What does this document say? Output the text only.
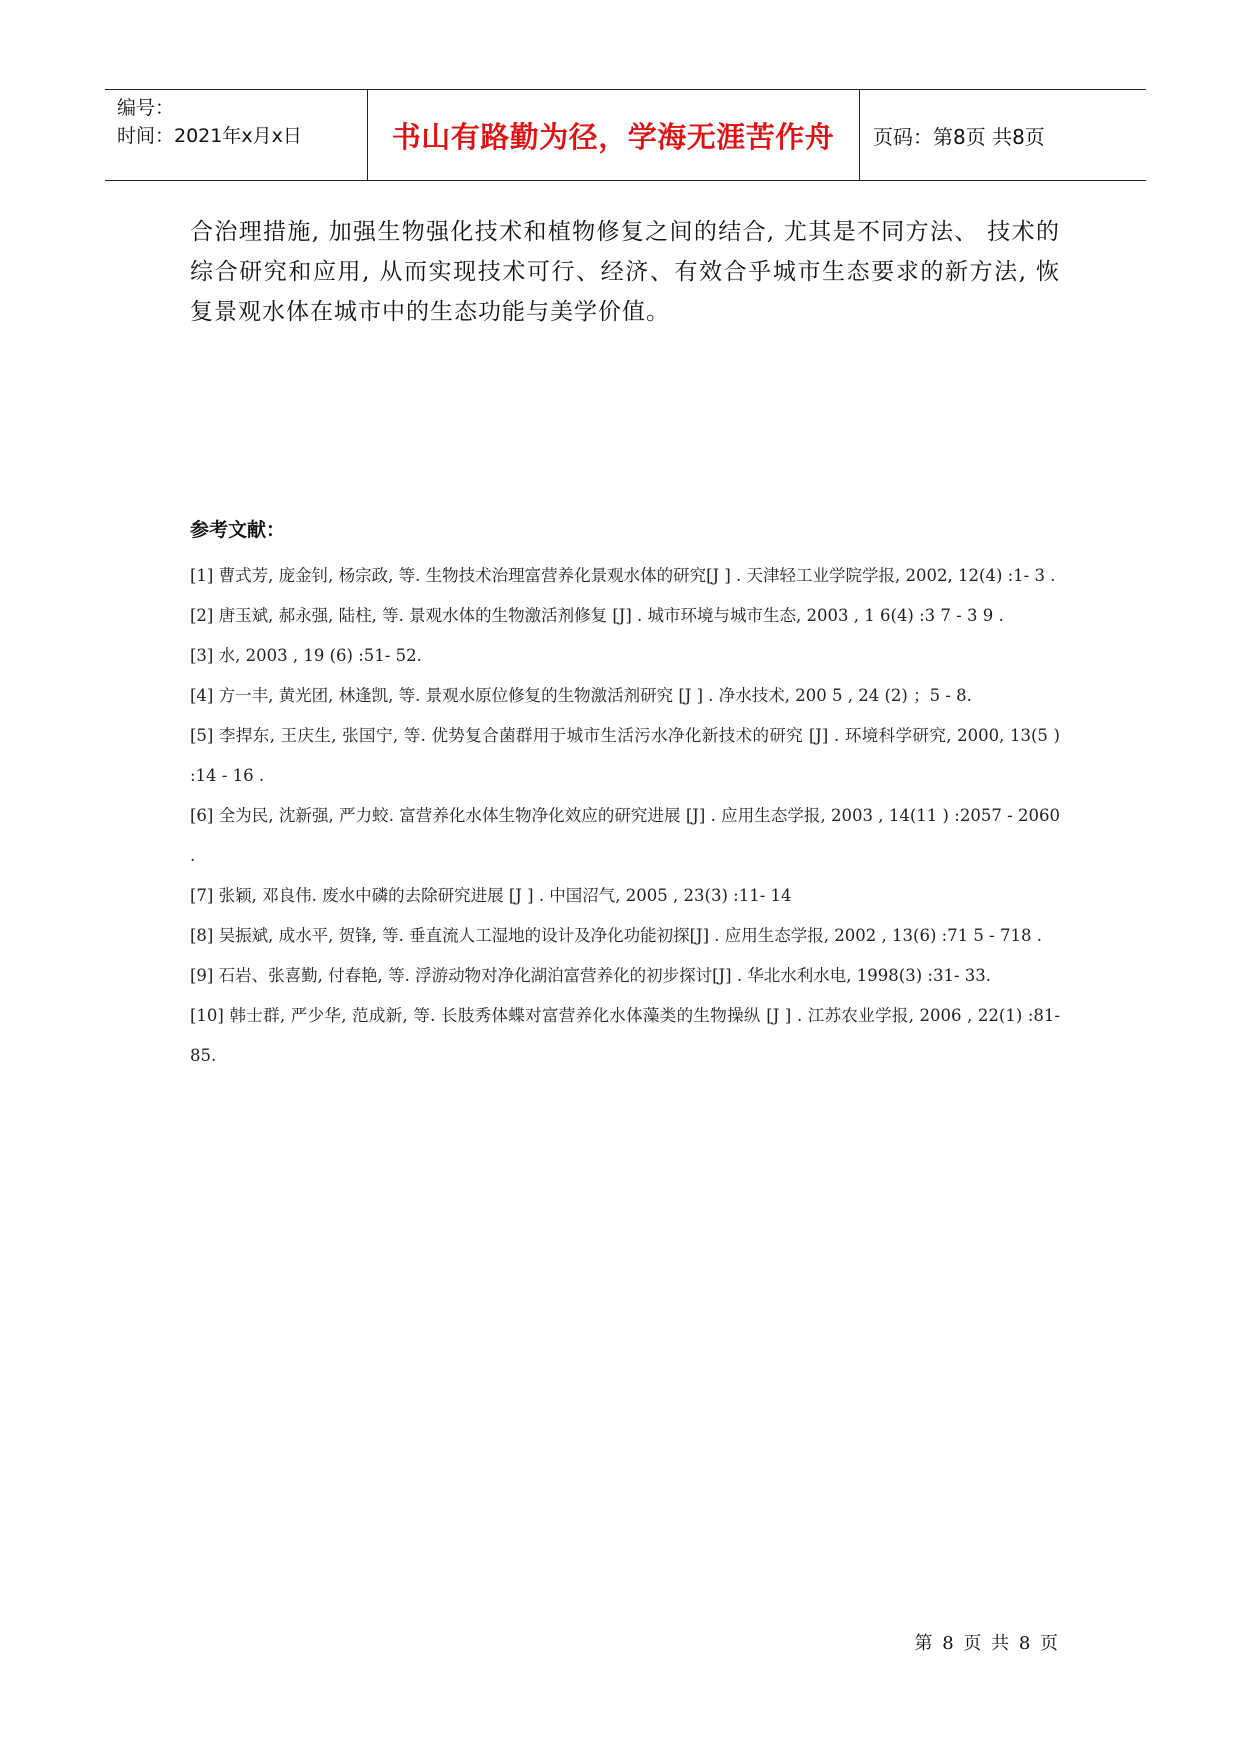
编号：
时间：2021年x月x日	书山有路勤为径，学海无涯苦作舟	页码：第8页 共8页
合治理措施, 加强生物强化技术和植物修复之间的结合, 尤其是不同方法、 技术的综合研究和应用, 从而实现技术可行、经济、有效合乎城市生态要求的新方法, 恢复景观水体在城市中的生态功能与美学价值。
参考文献：
[1] 曹式芳, 庞金钊, 杨宗政, 等. 生物技术治理富营养化景观水体的研究[J ] . 天津轻工业学院学报, 2002, 12(4) :1- 3 .
[2] 唐玉斌, 郝永强, 陆柱, 等. 景观水体的生物激活剂修复 [J] . 城市环境与城市生态, 2003 , 1 6(4) :3 7 - 3 9 .
[3] 水, 2003 , 19 (6) :51- 52.
[4] 方一丰, 黄光团, 林逢凯, 等. 景观水原位修复的生物激活剂研究 [J ] . 净水技术, 200 5 , 24 (2) ；5 - 8.
[5] 李捍东, 王庆生, 张国宁, 等. 优势复合菌群用于城市生活污水净化新技术的研究 [J] . 环境科学研究, 2000, 13(5 ) :14 - 16 .
[6] 全为民, 沈新强, 严力蛟. 富营养化水体生物净化效应的研究进展 [J] . 应用生态学报, 2003 , 14(11 ) :2057 - 2060 .
[7] 张颖, 邓良伟. 废水中磷的去除研究进展 [J ] . 中国沼气, 2005 , 23(3) :11- 14
[8] 吴振斌, 成水平, 贺锋, 等. 垂直流人工湿地的设计及净化功能初探[J] . 应用生态学报, 2002 , 13(6) :71 5 - 718 .
[9] 石岩、张喜勤, 付春艳, 等. 浮游动物对净化湖泊富营养化的初步探讨[J] . 华北水利水电, 1998(3) :31- 33.
[10] 韩士群, 严少华, 范成新, 等. 长肢秀体蝶对富营养化水体藻类的生物操纵 [J ] . 江苏农业学报, 2006 , 22(1) :81- 85.
第 8 页 共 8 页
